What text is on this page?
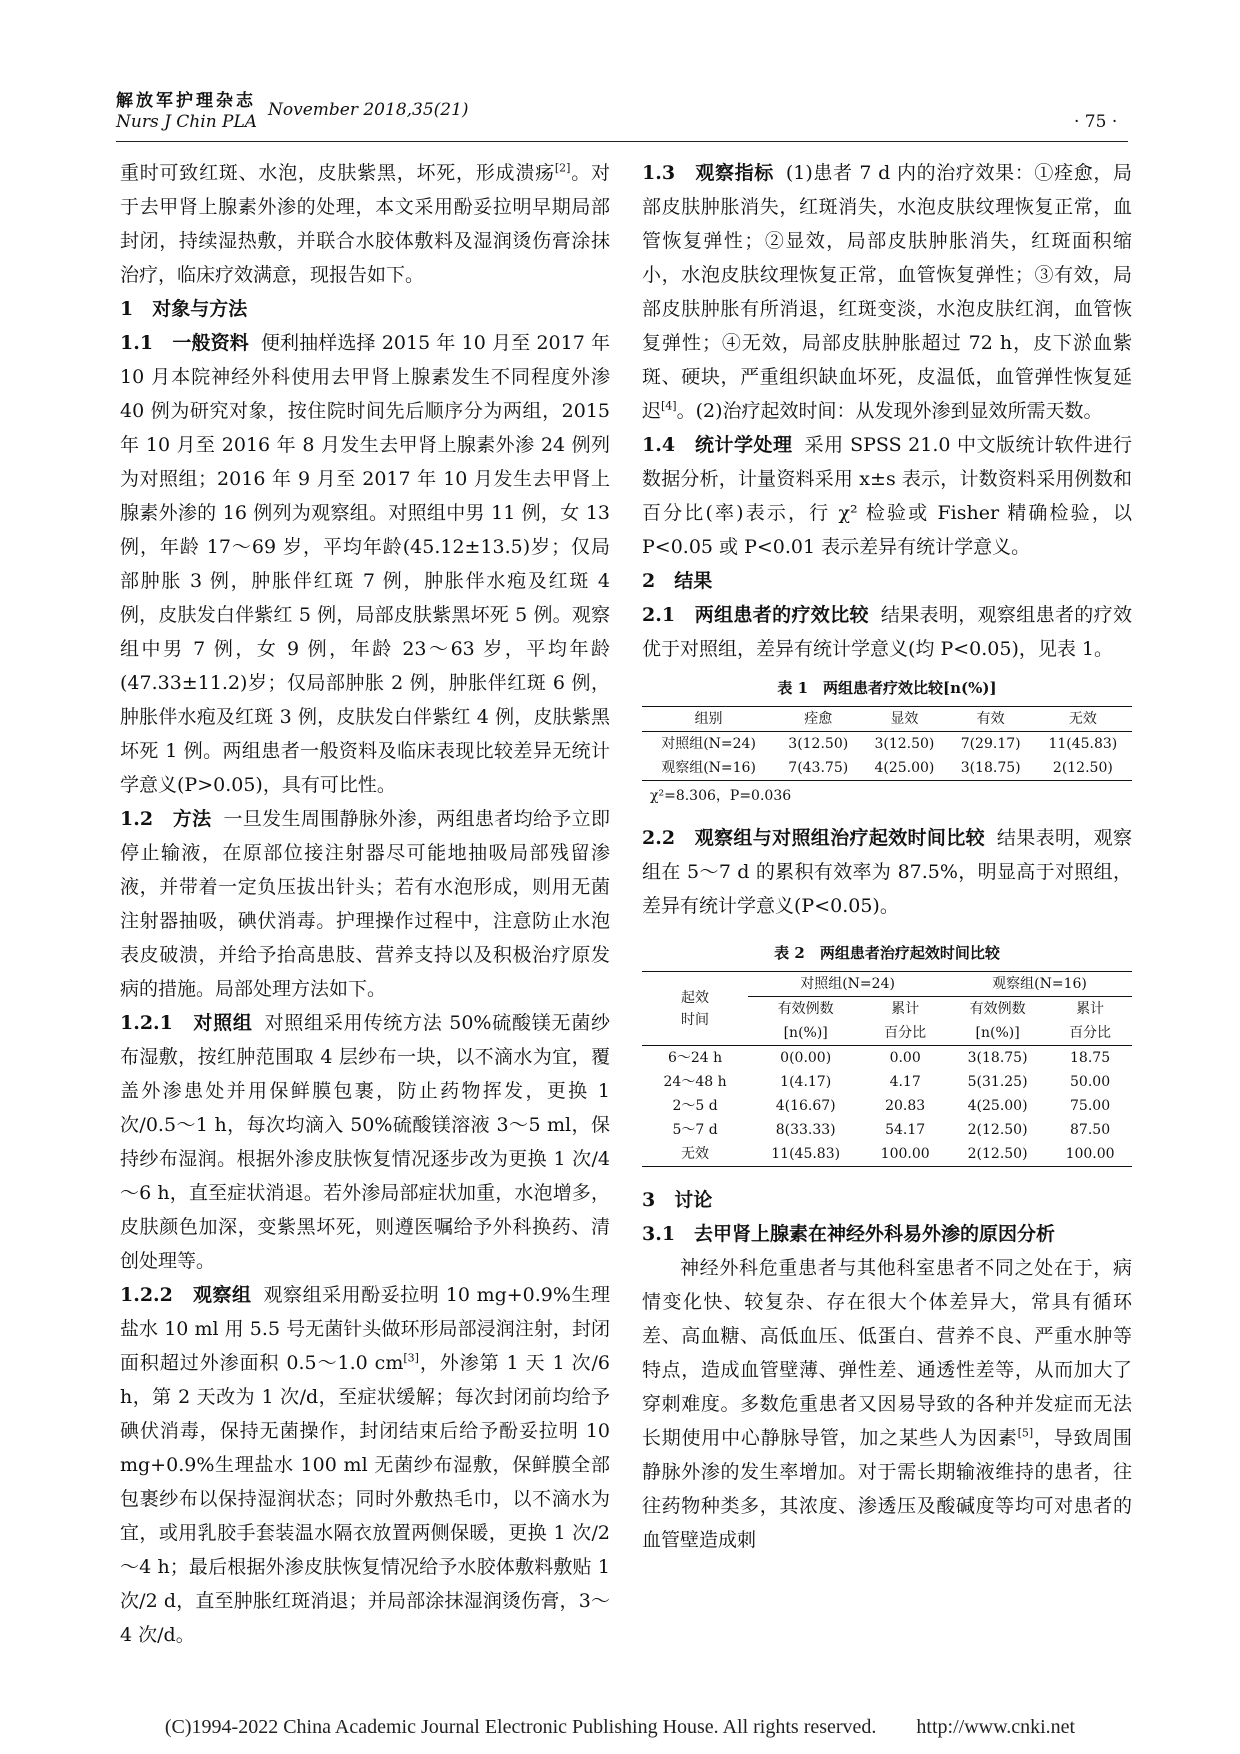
解放军护理杂志
Nurs J Chin PLA
November 2018,35(21)
· 75 ·

重时可致红斑、水泡，皮肤紫黑，坏死，形成溃疡[2]。对于去甲肾上腺素外渗的处理，本文采用酚妥拉明早期局部封闭，持续湿热敷，并联合水胶体敷料及湿润烫伤膏涂抹治疗，临床疗效满意，现报告如下。

1　对象与方法

1.1　一般资料 便利抽样选择 2015 年 10 月至 2017 年 10 月本院神经外科使用去甲肾上腺素发生不同程度外渗 40 例为研究对象，按住院时间先后顺序分为两组，2015 年 10 月至 2016 年 8 月发生去甲肾上腺素外渗 24 例列为对照组；2016 年 9 月至 2017 年 10 月发生去甲肾上腺素外渗的 16 例列为观察组。对照组中男 11 例，女 13 例，年龄 17～69 岁，平均年龄(45.12±13.5)岁；仅局部肿胀 3 例，肿胀伴红斑 7 例，肿胀伴水疱及红斑 4 例，皮肤发白伴紫红 5 例，局部皮肤紫黑坏死 5 例。观察组中男 7 例，女 9 例，年龄 23～63 岁，平均年龄(47.33±11.2)岁；仅局部肿胀 2 例，肿胀伴红斑 6 例，肿胀伴水疱及红斑 3 例，皮肤发白伴紫红 4 例，皮肤紫黑坏死 1 例。两组患者一般资料及临床表现比较差异无统计学意义(P>0.05)，具有可比性。

1.2　方法 一旦发生周围静脉外渗，两组患者均给予立即停止输液，在原部位接注射器尽可能地抽吸局部残留渗液，并带着一定负压拔出针头；若有水泡形成，则用无菌注射器抽吸，碘伏消毒。护理操作过程中，注意防止水泡表皮破溃，并给予抬高患肢、营养支持以及积极治疗原发病的措施。局部处理方法如下。

1.2.1　对照组 对照组采用传统方法 50%硫酸镁无菌纱布湿敷，按红肿范围取 4 层纱布一块，以不滴水为宜，覆盖外渗患处并用保鲜膜包裹，防止药物挥发，更换 1 次/0.5～1 h，每次均滴入 50%硫酸镁溶液 3～5 ml，保持纱布湿润。根据外渗皮肤恢复情况逐步改为更换 1 次/4～6 h，直至症状消退。若外渗局部症状加重，水泡增多，皮肤颜色加深，变紫黑坏死，则遵医嘱给予外科换药、清创处理等。

1.2.2　观察组 观察组采用酚妥拉明 10 mg+0.9%生理盐水 10 ml 用 5.5 号无菌针头做环形局部浸润注射，封闭面积超过外渗面积 0.5～1.0 cm[3]，外渗第 1 天 1 次/6 h，第 2 天改为 1 次/d，至症状缓解；每次封闭前均给予碘伏消毒，保持无菌操作，封闭结束后给予酚妥拉明 10 mg+0.9%生理盐水 100 ml 无菌纱布湿敷，保鲜膜全部包裹纱布以保持湿润状态；同时外敷热毛巾，以不滴水为宜，或用乳胶手套装温水隔衣放置两侧保暖，更换 1 次/2～4 h；最后根据外渗皮肤恢复情况给予水胶体敷料敷贴 1 次/2 d，直至肿胀红斑消退；并局部涂抹湿润烫伤膏，3～4 次/d。

1.3　观察指标 (1)患者 7 d 内的治疗效果：①痊愈，局部皮肤肿胀消失，红斑消失，水泡皮肤纹理恢复正常，血管恢复弹性；②显效，局部皮肤肿胀消失，红斑面积缩小，水泡皮肤纹理恢复正常，血管恢复弹性；③有效，局部皮肤肿胀有所消退，红斑变淡，水泡皮肤红润，血管恢复弹性；④无效，局部皮肤肿胀超过 72 h，皮下淤血紫斑、硬块，严重组织缺血坏死，皮温低，血管弹性恢复延迟[4]。(2)治疗起效时间：从发现外渗到显效所需天数。

1.4　统计学处理 采用 SPSS 21.0 中文版统计软件进行数据分析，计量资料采用 x±s 表示，计数资料采用例数和百分比(率)表示，行 χ² 检验或 Fisher 精确检验，以 P<0.05 或 P<0.01 表示差异有统计学意义。

2　结果

2.1　两组患者的疗效比较 结果表明，观察组患者的疗效优于对照组，差异有统计学意义(均 P<0.05)，见表 1。

表 1　两组患者疗效比较[n(%)]
组别	痊愈	显效	有效	无效
对照组(N=24)	3(12.50)	3(12.50)	7(29.17)	11(45.83)
观察组(N=16)	7(43.75)	4(25.00)	3(18.75)	2(12.50)
χ²=8.306，P=0.036

2.2　观察组与对照组治疗起效时间比较 结果表明，观察组在 5～7 d 的累积有效率为 87.5%，明显高于对照组，差异有统计学意义(P<0.05)。

表 2　两组患者治疗起效时间比较
起效
时间	对照组(N=24)		观察组(N=16)	
	有效例数	累计	有效例数	累计
	[n(%)]	百分比	[n(%)]	百分比
6～24 h	0(0.00)	0.00	3(18.75)	18.75
24～48 h	1(4.17)	4.17	5(31.25)	50.00
2～5 d	4(16.67)	20.83	4(25.00)	75.00
5～7 d	8(33.33)	54.17	2(12.50)	87.50
无效	11(45.83)	100.00	2(12.50)	100.00

3　讨论

3.1　去甲肾上腺素在神经外科易外渗的原因分析

神经外科危重患者与其他科室患者不同之处在于，病情变化快、较复杂、存在很大个体差异大，常具有循环差、高血糖、高低血压、低蛋白、营养不良、严重水肿等特点，造成血管壁薄、弹性差、通透性差等，从而加大了穿刺难度。多数危重患者又因易导致的各种并发症而无法长期使用中心静脉导管，加之某些人为因素[5]，导致周围静脉外渗的发生率增加。对于需长期输液维持的患者，往往药物种类多，其浓度、渗透压及酸碱度等均可对患者的血管壁造成刺

(C)1994-2022 China Academic Journal Electronic Publishing House. All rights reserved.　　http://www.cnki.net
